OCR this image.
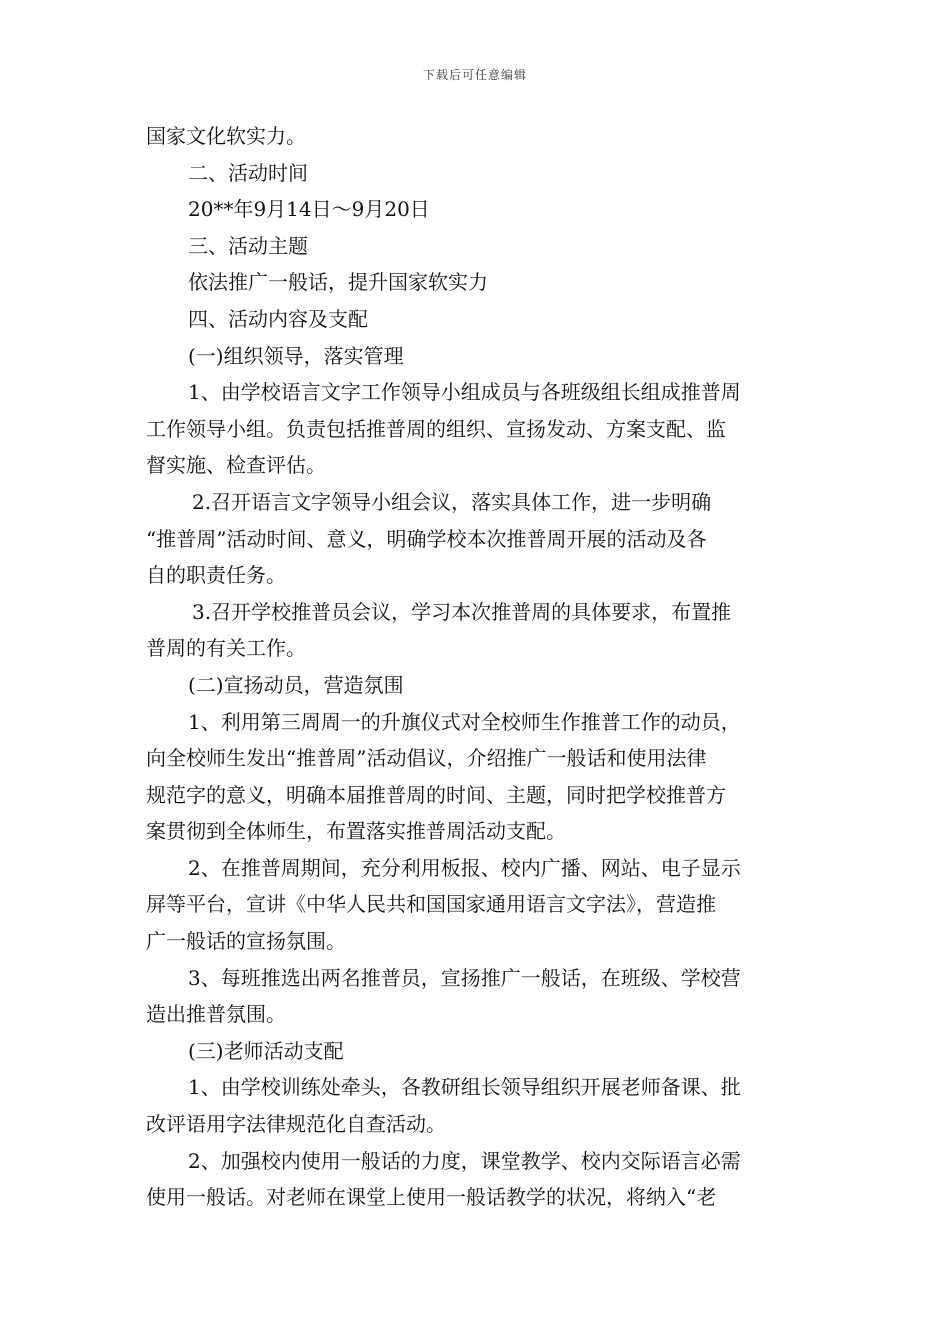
下载后可任意编辑
国家文化软实力。
二、活动时间
20**年9月14日～9月20日
三、活动主题
依法推广一般话，提升国家软实力
四、活动内容及支配
(一)组织领导，落实管理
1、由学校语言文字工作领导小组成员与各班级组长组成推普周
工作领导小组。负责包括推普周的组织、宣扬发动、方案支配、监
督实施、检查评估。
2.召开语言文字领导小组会议，落实具体工作，进一步明确
“推普周”活动时间、意义，明确学校本次推普周开展的活动及各
自的职责任务。
3.召开学校推普员会议，学习本次推普周的具体要求，布置推
普周的有关工作。
(二)宣扬动员，营造氛围
1、利用第三周周一的升旗仪式对全校师生作推普工作的动员，
向全校师生发出“推普周”活动倡议，介绍推广一般话和使用法律
规范字的意义，明确本届推普周的时间、主题，同时把学校推普方
案贯彻到全体师生，布置落实推普周活动支配。
2、在推普周期间，充分利用板报、校内广播、网站、电子显示
屏等平台，宣讲《中华人民共和国国家通用语言文字法》，营造推
广一般话的宣扬氛围。
3、每班推选出两名推普员，宣扬推广一般话，在班级、学校营
造出推普氛围。
(三)老师活动支配
1、由学校训练处牵头，各教研组长领导组织开展老师备课、批
改评语用字法律规范化自查活动。
2、加强校内使用一般话的力度，课堂教学、校内交际语言必需
使用一般话。对老师在课堂上使用一般话教学的状况，将纳入“老
